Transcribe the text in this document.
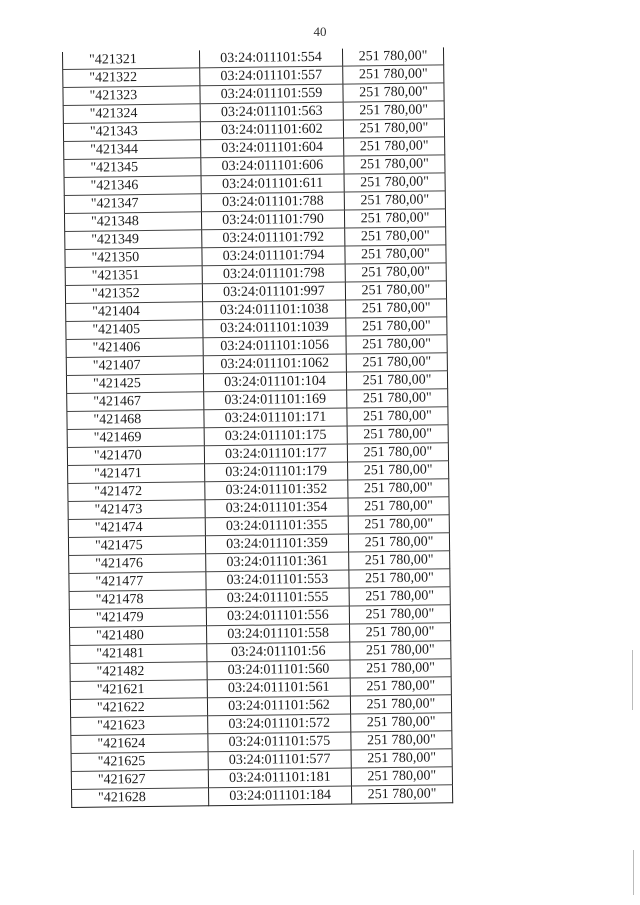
40
"421321	03:24:011101:554	251 780,00"
"421322	03:24:011101:557	251 780,00"
"421323	03:24:011101:559	251 780,00"
"421324	03:24:011101:563	251 780,00"
"421343	03:24:011101:602	251 780,00"
"421344	03:24:011101:604	251 780,00"
"421345	03:24:011101:606	251 780,00"
"421346	03:24:011101:611	251 780,00"
"421347	03:24:011101:788	251 780,00"
"421348	03:24:011101:790	251 780,00"
"421349	03:24:011101:792	251 780,00"
"421350	03:24:011101:794	251 780,00"
"421351	03:24:011101:798	251 780,00"
"421352	03:24:011101:997	251 780,00"
"421404	03:24:011101:1038	251 780,00"
"421405	03:24:011101:1039	251 780,00"
"421406	03:24:011101:1056	251 780,00"
"421407	03:24:011101:1062	251 780,00"
"421425	03:24:011101:104	251 780,00"
"421467	03:24:011101:169	251 780,00"
"421468	03:24:011101:171	251 780,00"
"421469	03:24:011101:175	251 780,00"
"421470	03:24:011101:177	251 780,00"
"421471	03:24:011101:179	251 780,00"
"421472	03:24:011101:352	251 780,00"
"421473	03:24:011101:354	251 780,00"
"421474	03:24:011101:355	251 780,00"
"421475	03:24:011101:359	251 780,00"
"421476	03:24:011101:361	251 780,00"
"421477	03:24:011101:553	251 780,00"
"421478	03:24:011101:555	251 780,00"
"421479	03:24:011101:556	251 780,00"
"421480	03:24:011101:558	251 780,00"
"421481	03:24:011101:56	251 780,00"
"421482	03:24:011101:560	251 780,00"
"421621	03:24:011101:561	251 780,00"
"421622	03:24:011101:562	251 780,00"
"421623	03:24:011101:572	251 780,00"
"421624	03:24:011101:575	251 780,00"
"421625	03:24:011101:577	251 780,00"
"421627	03:24:011101:181	251 780,00"
"421628	03:24:011101:184	251 780,00"
